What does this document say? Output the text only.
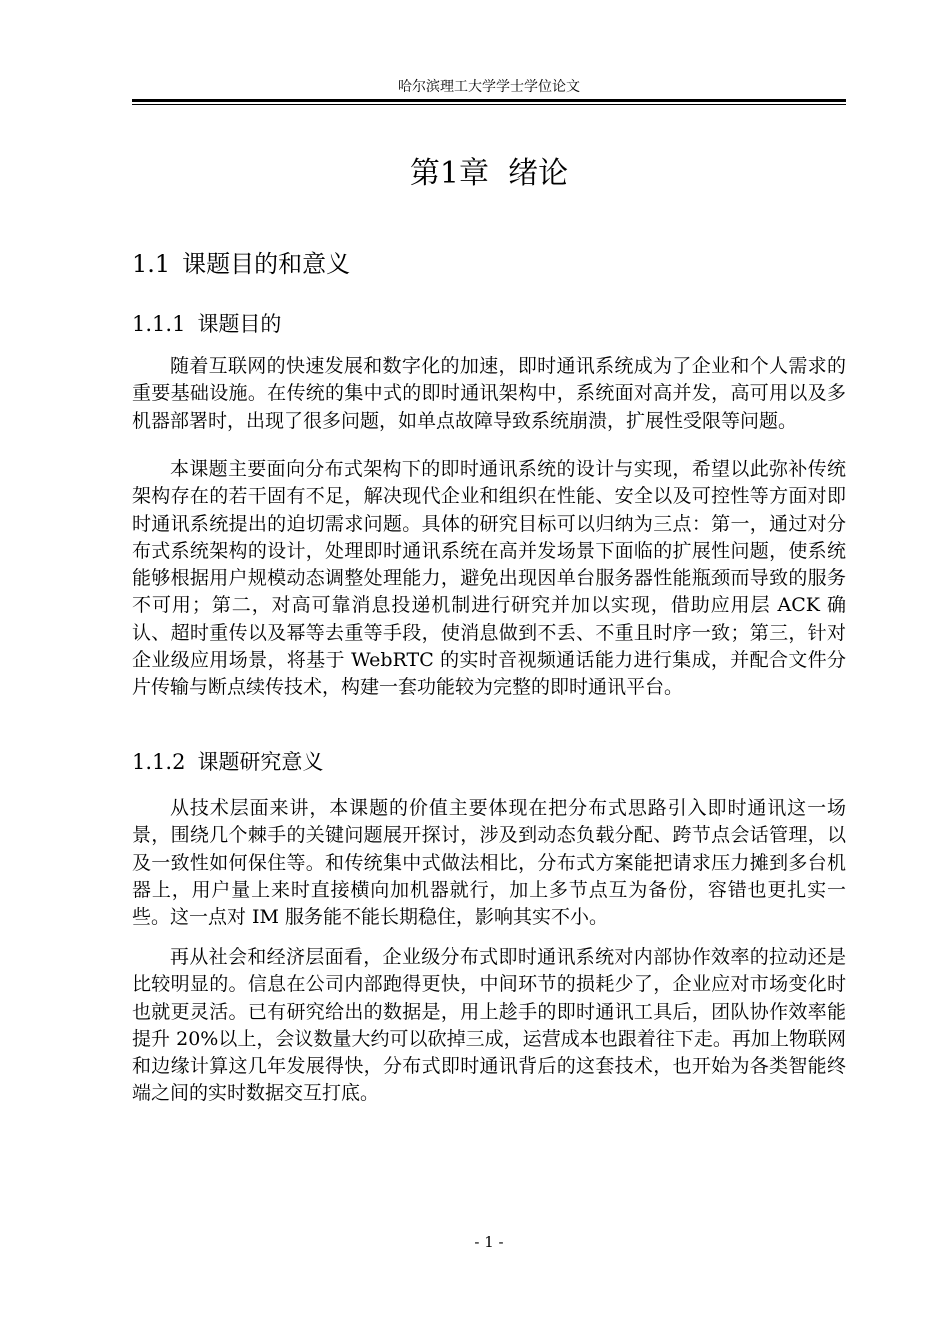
哈尔滨理工大学学士学位论文
第1章 绪论
1.1 课题目的和意义
1.1.1 课题目的

随着互联网的快速发展和数字化的加速，即时通讯系统成为了企业和个人需求的重要基础设施。在传统的集中式的即时通讯架构中，系统面对高并发，高可用以及多机器部署时，出现了很多问题，如单点故障导致系统崩溃，扩展性受限等问题。

本课题主要面向分布式架构下的即时通讯系统的设计与实现，希望以此弥补传统架构存在的若干固有不足，解决现代企业和组织在性能、安全以及可控性等方面对即时通讯系统提出的迫切需求问题。具体的研究目标可以归纳为三点：第一，通过对分布式系统架构的设计，处理即时通讯系统在高并发场景下面临的扩展性问题，使系统能够根据用户规模动态调整处理能力，避免出现因单台服务器性能瓶颈而导致的服务不可用；第二，对高可靠消息投递机制进行研究并加以实现，借助应用层 ACK 确认、超时重传以及幂等去重等手段，使消息做到不丢、不重且时序一致；第三，针对企业级应用场景，将基于 WebRTC 的实时音视频通话能力进行集成，并配合文件分片传输与断点续传技术，构建一套功能较为完整的即时通讯平台。

1.1.2 课题研究意义

从技术层面来讲，本课题的价值主要体现在把分布式思路引入即时通讯这一场景，围绕几个棘手的关键问题展开探讨，涉及到动态负载分配、跨节点会话管理，以及一致性如何保住等。和传统集中式做法相比，分布式方案能把请求压力摊到多台机器上，用户量上来时直接横向加机器就行，加上多节点互为备份，容错也更扎实一些。这一点对 IM 服务能不能长期稳住，影响其实不小。

再从社会和经济层面看，企业级分布式即时通讯系统对内部协作效率的拉动还是比较明显的。信息在公司内部跑得更快，中间环节的损耗少了，企业应对市场变化时也就更灵活。已有研究给出的数据是，用上趁手的即时通讯工具后，团队协作效率能提升 20%以上，会议数量大约可以砍掉三成，运营成本也跟着往下走。再加上物联网和边缘计算这几年发展得快，分布式即时通讯背后的这套技术，也开始为各类智能终端之间的实时数据交互打底。

- 1 -
